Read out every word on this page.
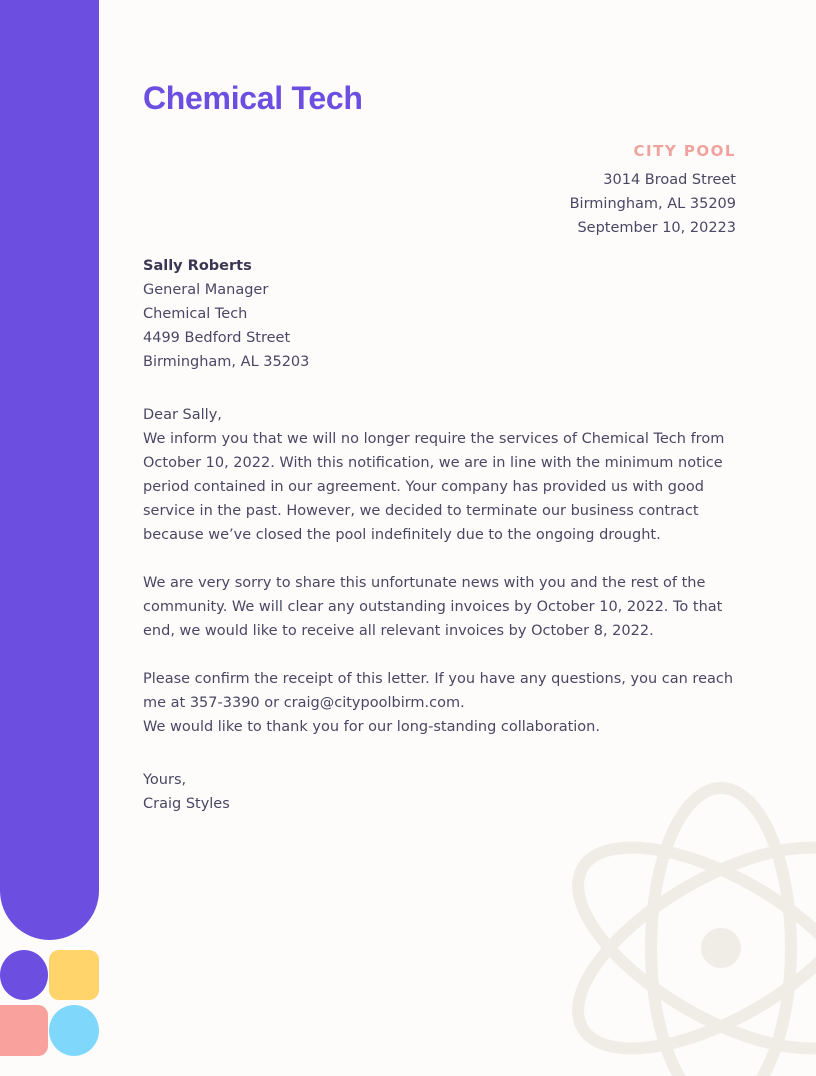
Chemical Tech
CITY POOL
3014 Broad Street
Birmingham, AL 35209
September 10, 20223
Sally Roberts
General Manager
Chemical Tech
4499 Bedford Street
Birmingham, AL 35203

Dear Sally,

We inform you that we will no longer require the services of Chemical Tech from October 10, 2022. With this notification, we are in line with the minimum notice period contained in our agreement. Your company has provided us with good service in the past. However, we decided to terminate our business contract because we’ve closed the pool indefinitely due to the ongoing drought.

We are very sorry to share this unfortunate news with you and the rest of the community. We will clear any outstanding invoices by October 10, 2022. To that end, we would like to receive all relevant invoices by October 8, 2022.

Please confirm the receipt of this letter. If you have any questions, you can reach me at 357-3390 or craig@citypoolbirm.com.
We would like to thank you for our long-standing collaboration.

Yours,

Craig Styles
